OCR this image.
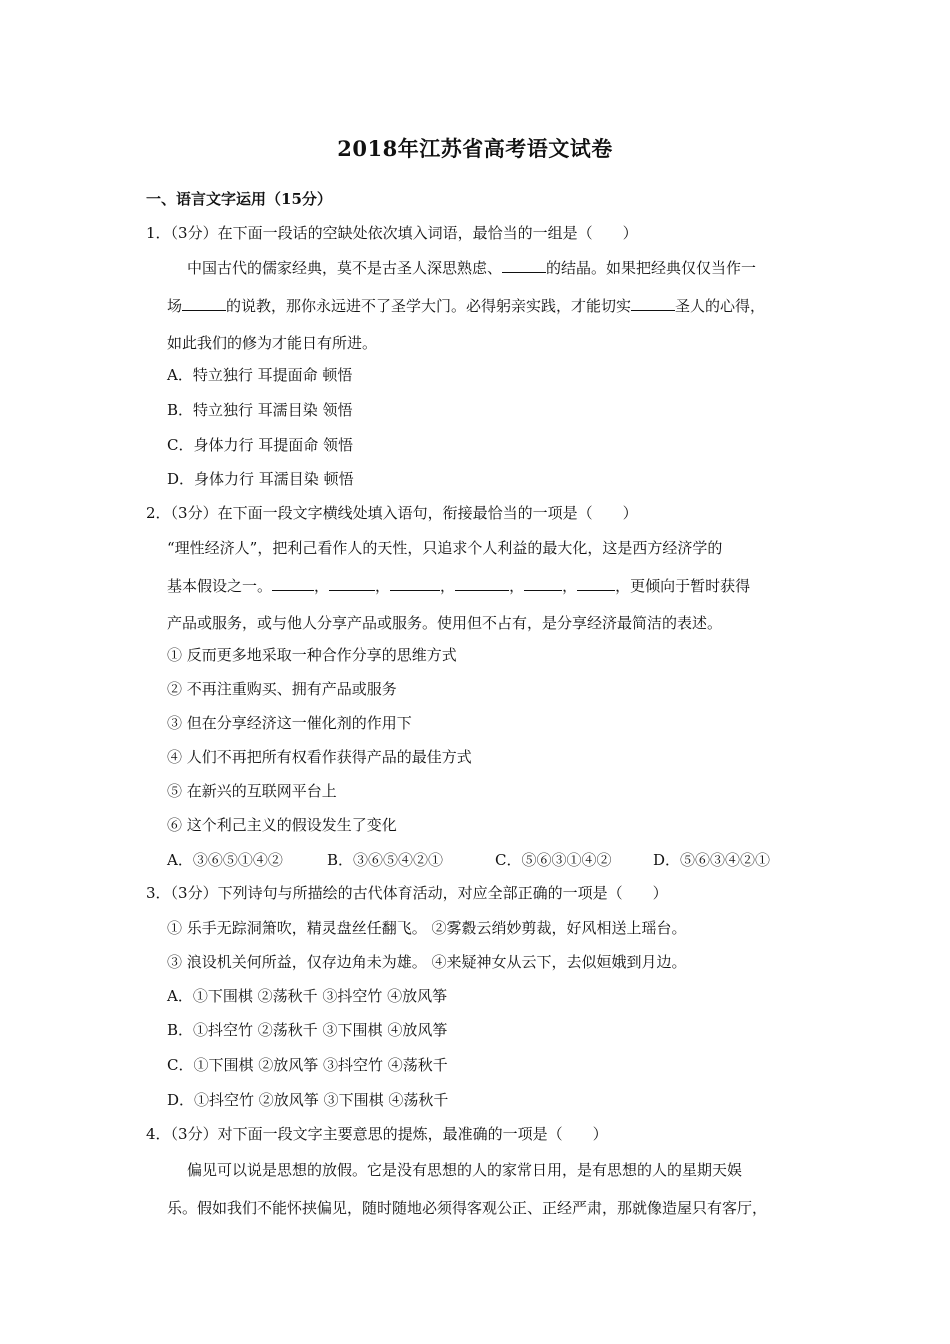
2018年江苏省高考语文试卷
一、语言文字运用（15分）
1．（3分）在下面一段话的空缺处依次填入词语，最恰当的一组是（　　）
中国古代的儒家经典，莫不是古圣人深思熟虑、	的结晶。如果把经典仅仅当作一
场	的说教，那你永远进不了圣学大门。必得躬亲实践，才能切实	圣人的心得，
如此我们的修为才能日有所进。
A．特立独行 耳提面命 顿悟
B．特立独行 耳濡目染 领悟
C．身体力行 耳提面命 领悟
D．身体力行 耳濡目染 顿悟
2．（3分）在下面一段文字横线处填入语句，衔接最恰当的一项是（　　）
“理性经济人”，把利己看作人的天性，只追求个人利益的最大化，这是西方经济学的
基本假设之一。	，	，	，	，	，	，更倾向于暂时获得
产品或服务，或与他人分享产品或服务。使用但不占有，是分享经济最简洁的表述。
① 反而更多地采取一种合作分享的思维方式
② 不再注重购买、拥有产品或服务
③ 但在分享经济这一催化剂的作用下
④ 人们不再把所有权看作获得产品的最佳方式
⑤ 在新兴的互联网平台上
⑥ 这个利己主义的假设发生了变化
A．③⑥⑤①④②	B．③⑥⑤④②①	C．⑤⑥③①④②	D．⑤⑥③④②①
3．（3分）下列诗句与所描绘的古代体育活动，对应全部正确的一项是（　　）
① 乐手无踪洞箫吹，精灵盘丝任翻飞。 ②雾縠云绡妙剪裁，好风相送上瑶台。
③ 浪设机关何所益，仅存边角未为雄。 ④来疑神女从云下，去似姮娥到月边。
A．①下围棋 ②荡秋千 ③抖空竹 ④放风筝
B．①抖空竹 ②荡秋千 ③下围棋 ④放风筝
C．①下围棋 ②放风筝 ③抖空竹 ④荡秋千
D．①抖空竹 ②放风筝 ③下围棋 ④荡秋千
4．（3分）对下面一段文字主要意思的提炼，最准确的一项是（　　）
偏见可以说是思想的放假。它是没有思想的人的家常日用，是有思想的人的星期天娱
乐。假如我们不能怀挟偏见，随时随地必须得客观公正、正经严肃，那就像造屋只有客厅，
